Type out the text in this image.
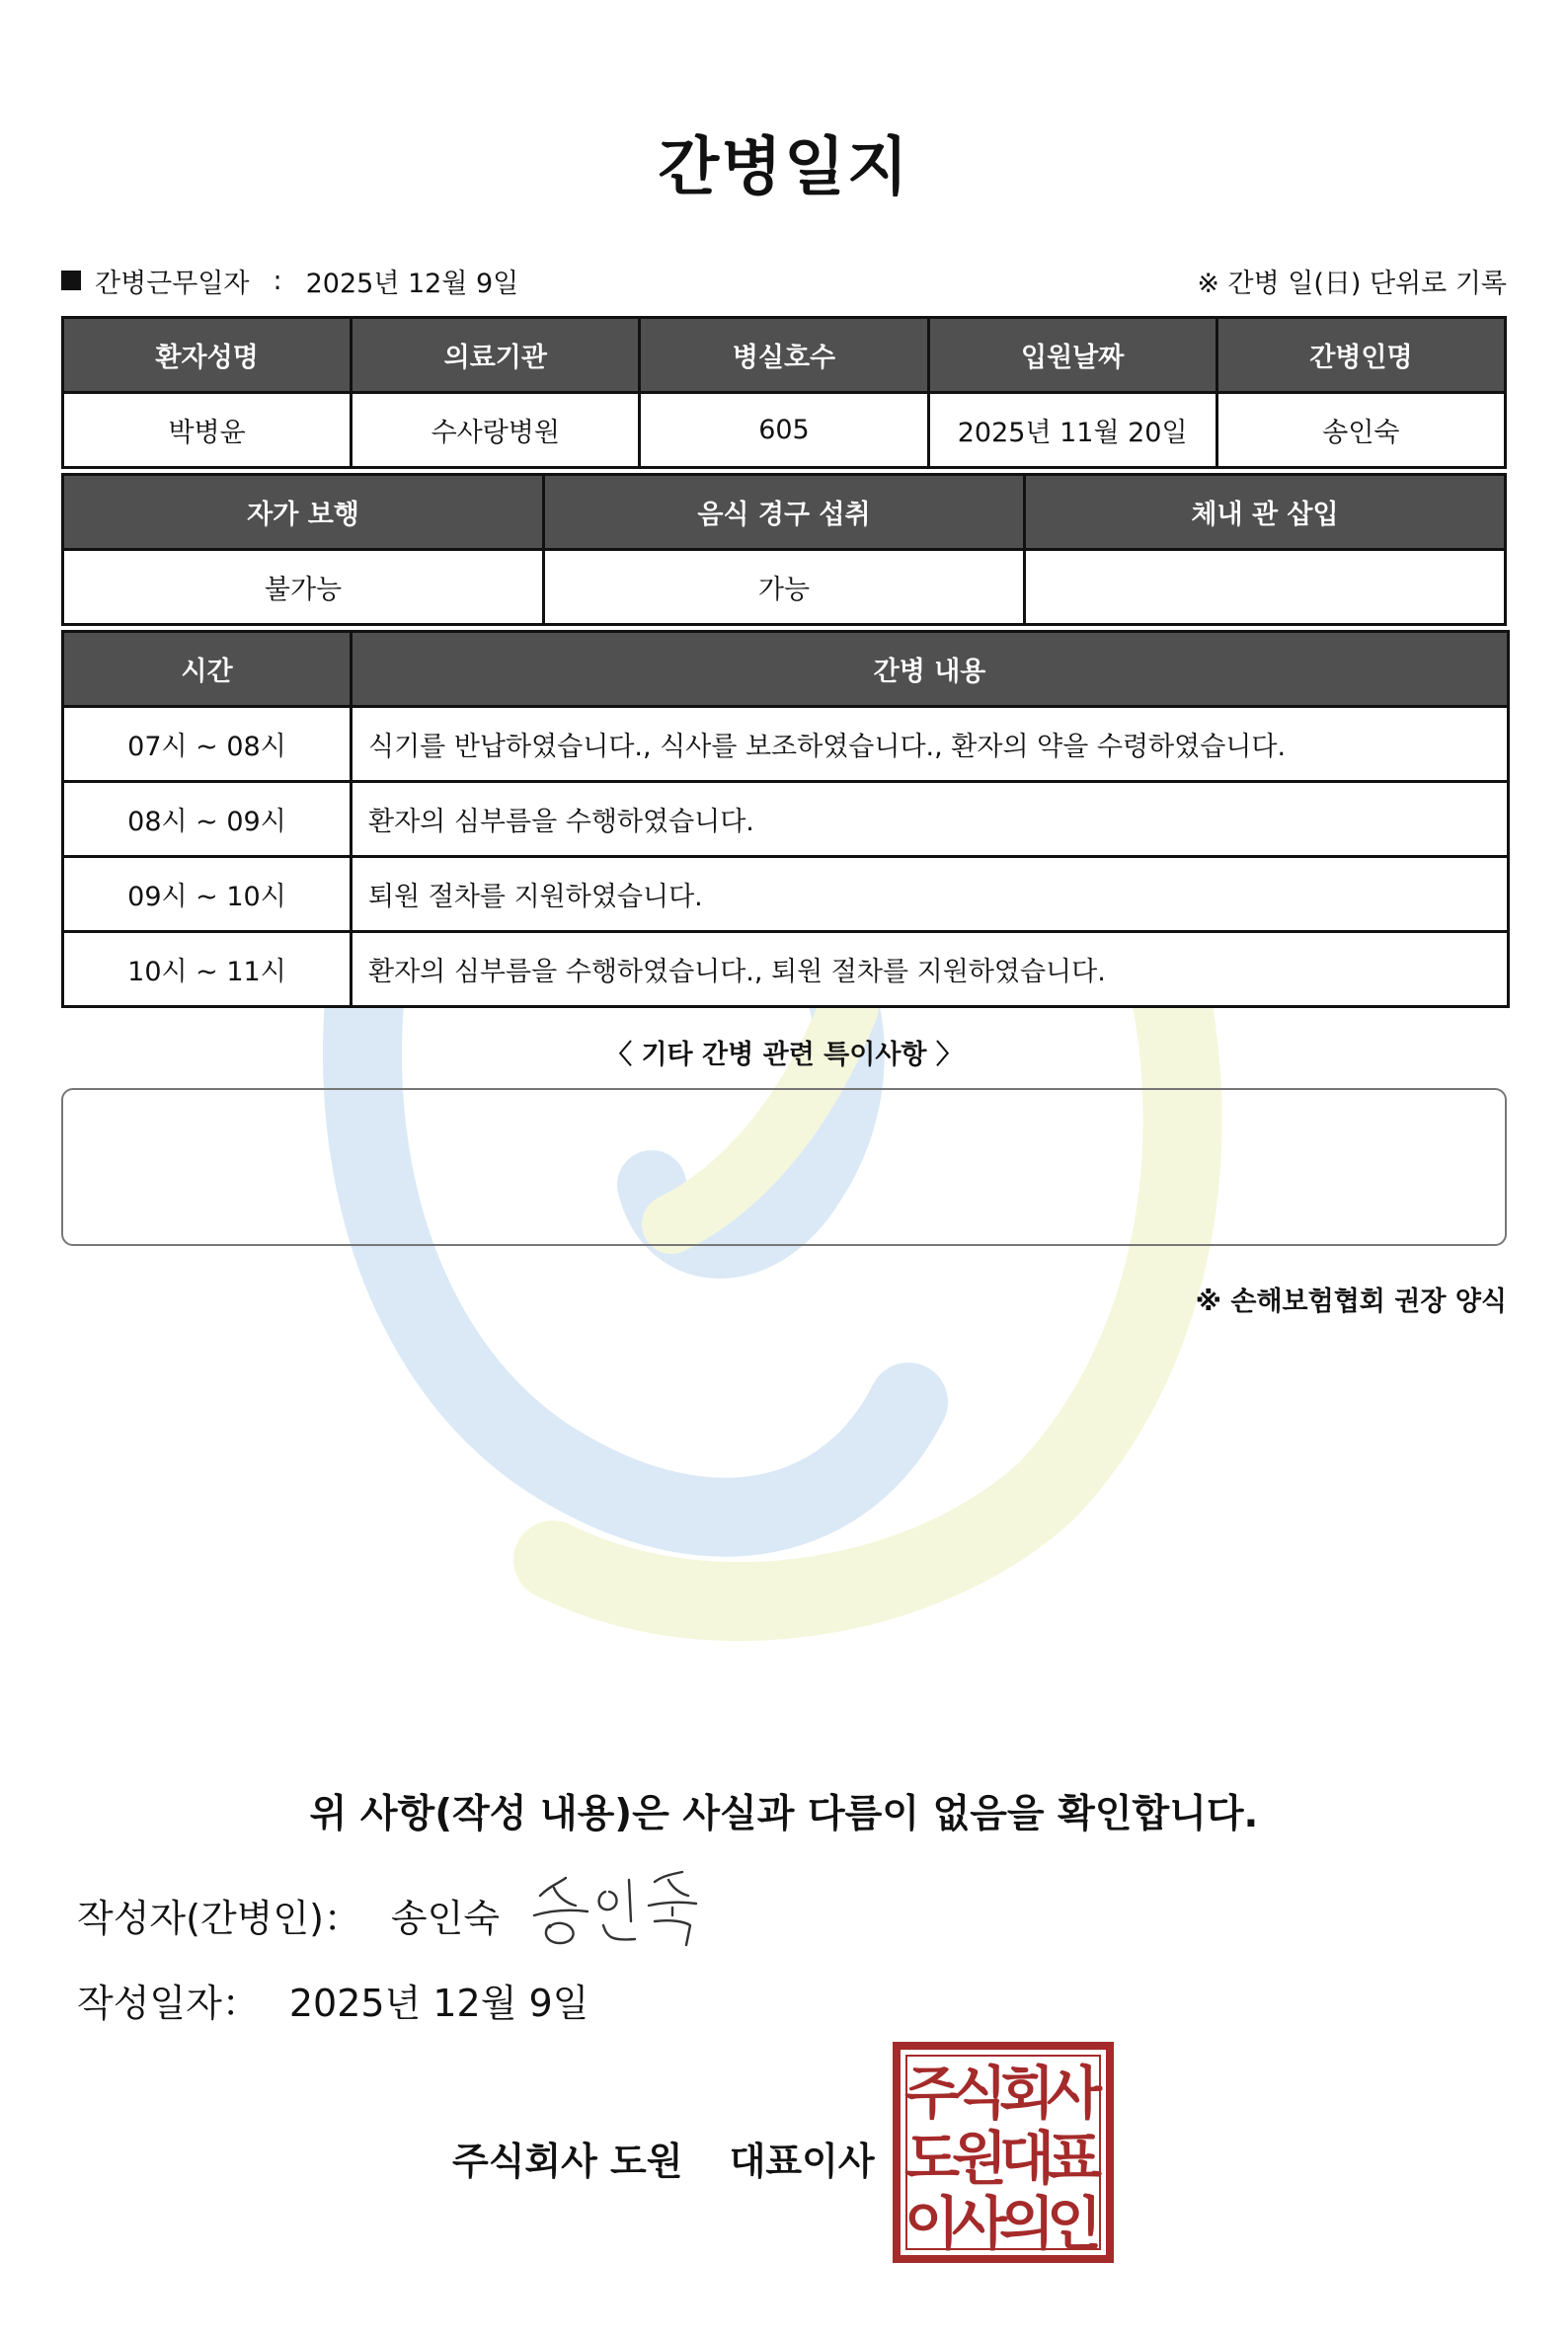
간병일지
간병근무일자 : 2025년 12월 9일	※ 간병 일(日) 단위로 기록
환자성명	의료기관	병실호수	입원날짜	간병인명
박병윤	수사랑병원	605	2025년 11월 20일	송인숙
자가 보행	음식 경구 섭취	체내 관 삽입
불가능	가능	
시간	간병 내용
07시 ~ 08시	식기를 반납하였습니다., 식사를 보조하였습니다., 환자의 약을 수령하였습니다.
08시 ~ 09시	환자의 심부름을 수행하였습니다.
09시 ~ 10시	퇴원 절차를 지원하였습니다.
10시 ~ 11시	환자의 심부름을 수행하였습니다., 퇴원 절차를 지원하였습니다.
〈 기타 간병 관련 특이사항 〉
※ 손해보험협회 권장 양식
위 사항(작성 내용)은 사실과 다름이 없음을 확인합니다.
작성자(간병인)： 송인숙
작성일자： 2025년 12월 9일
주식회사 도원 대표이사
주
식
회
사
도
원
대
표
이
사
의
인
